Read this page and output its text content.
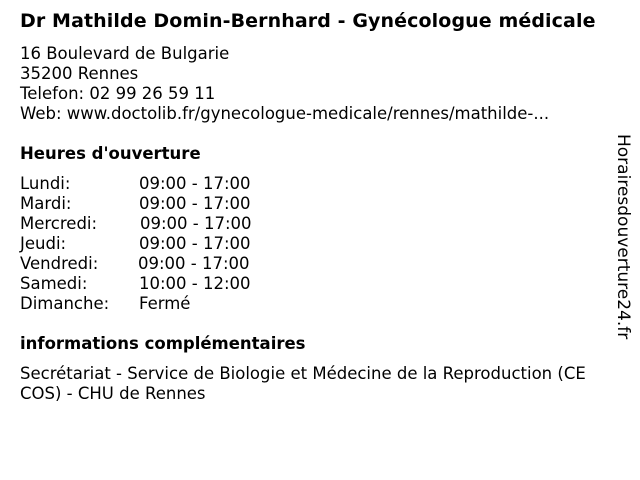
Dr Mathilde Domin-Bernhard - Gynécologue médicale
16 Boulevard de Bulgarie
35200 Rennes
Telefon: 02 99 26 59 11
Web: www.doctolib.fr/gynecologue-medicale/rennes/mathilde-...
Heures d'ouverture
Lundi:	09:00 - 17:00
Mardi:	09:00 - 17:00
Mercredi:	09:00 - 17:00
Jeudi:	09:00 - 17:00
Vendredi: 09:00 - 17:00
Samedi:	10:00 - 12:00
Dimanche: Fermé
informations complémentaires
Secrétariat - Service de Biologie et Médecine de la Reproduction (CE COS) - CHU de Rennes
Horairesdouverture24.fr
